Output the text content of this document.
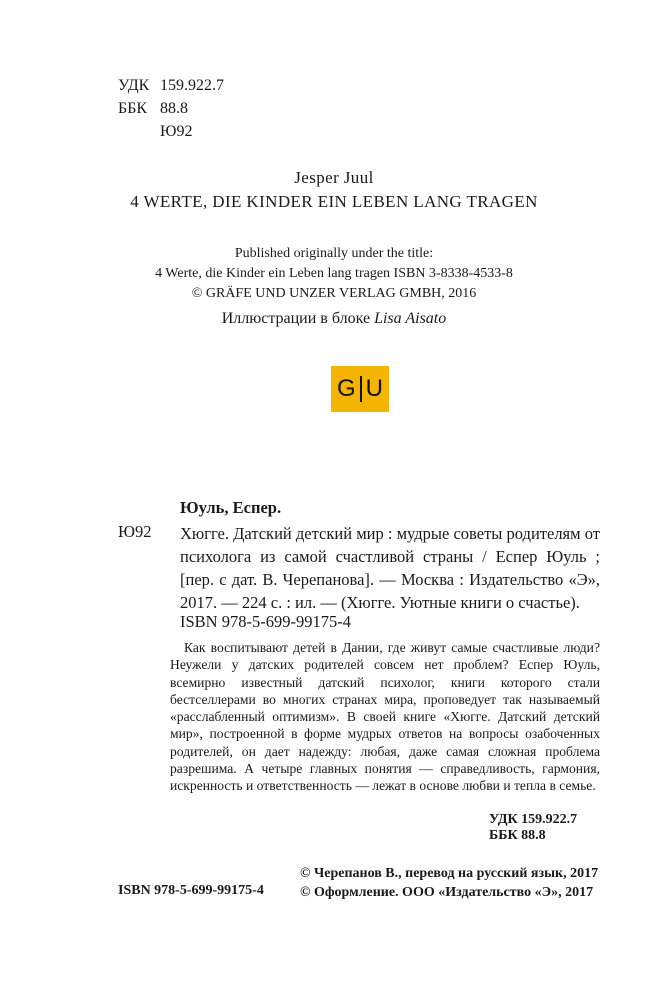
УДК 159.922.7
ББК 88.8
Ю92
Jesper Juul
4 WERTE, DIE KINDER EIN LEBEN LANG TRAGEN
Published originally under the title:
4 Werte, die Kinder ein Leben lang tragen ISBN 3-8338-4533-8
© GRÄFE UND UNZER VERLAG GMBH, 2016
Иллюстрации в блоке Lisa Aisato
G U
Юуль, Еспер.
Ю92 Хюгге. Датский детский мир : мудрые советы родителям от психолога из самой счастливой страны / Еспер Юуль ; [пер. с дат. В. Черепанова]. — Москва : Издательство «Э», 2017. — 224 с. : ил. — (Хюгге. Уютные книги о счастье).
ISBN 978-5-699-99175-4
Как воспитывают детей в Дании, где живут самые счастливые люди? Неужели у датских родителей совсем нет проблем? Еспер Юуль, всемирно известный датский психолог, книги которого стали бестселлерами во многих странах мира, проповедует так называемый «расслабленный оптимизм». В своей книге «Хюгге. Датский детский мир», построенной в форме мудрых ответов на вопросы озабоченных родителей, он дает надежду: любая, даже самая сложная проблема разрешима. А четыре главных понятия — справедливость, гармония, искренность и ответственность — лежат в основе любви и тепла в семье.
УДК 159.922.7
ББК 88.8
ISBN 978-5-699-99175-4
© Черепанов В., перевод на русский язык, 2017
© Оформление. ООО «Издательство «Э», 2017
